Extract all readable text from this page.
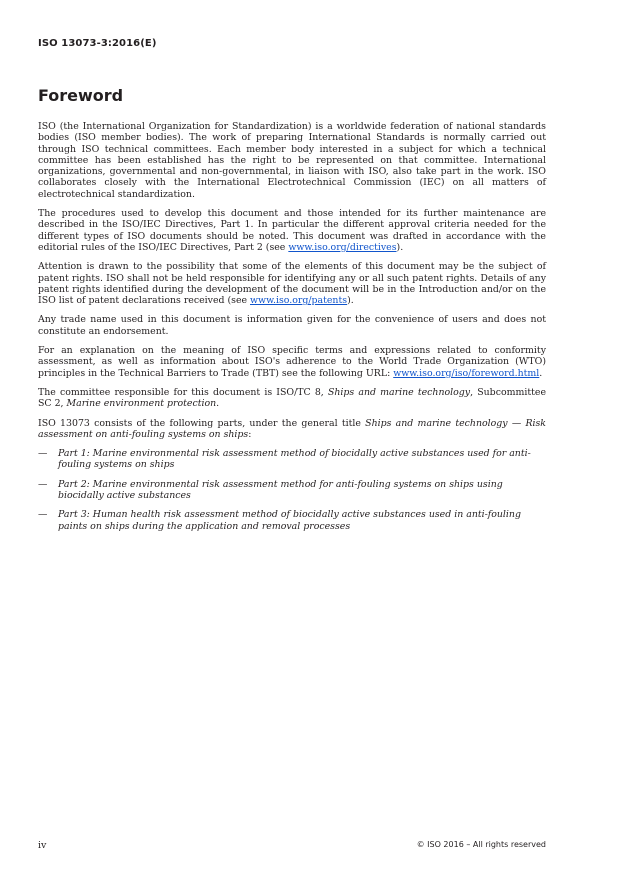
ISO 13073-3:2016(E)
Foreword

ISO (the International Organization for Standardization) is a worldwide federation of national standards bodies (ISO member bodies). The work of preparing International Standards is normally carried out through ISO technical committees. Each member body interested in a subject for which a technical committee has been established has the right to be represented on that committee. International organizations, governmental and non-governmental, in liaison with ISO, also take part in the work. ISO collaborates closely with the International Electrotechnical Commission (IEC) on all matters of electrotechnical standardization.

The procedures used to develop this document and those intended for its further maintenance are described in the ISO/IEC Directives, Part 1. In particular the different approval criteria needed for the different types of ISO documents should be noted. This document was drafted in accordance with the editorial rules of the ISO/IEC Directives, Part 2 (see www.iso.org/directives).

Attention is drawn to the possibility that some of the elements of this document may be the subject of patent rights. ISO shall not be held responsible for identifying any or all such patent rights. Details of any patent rights identified during the development of the document will be in the Introduction and/or on the ISO list of patent declarations received (see www.iso.org/patents).

Any trade name used in this document is information given for the convenience of users and does not constitute an endorsement.

For an explanation on the meaning of ISO specific terms and expressions related to conformity assessment, as well as information about ISO's adherence to the World Trade Organization (WTO) principles in the Technical Barriers to Trade (TBT) see the following URL: www.iso.org/iso/foreword.html.

The committee responsible for this document is ISO/TC 8, Ships and marine technology, Subcommittee SC 2, Marine environment protection.

ISO 13073 consists of the following parts, under the general title Ships and marine technology — Risk assessment on anti-fouling systems on ships:

— Part 1: Marine environmental risk assessment method of biocidally active substances used for anti-fouling systems on ships
— Part 2: Marine environmental risk assessment method for anti-fouling systems on ships using biocidally active substances
— Part 3: Human health risk assessment method of biocidally active substances used in anti-fouling paints on ships during the application and removal processes
iv	© ISO 2016 – All rights reserved
